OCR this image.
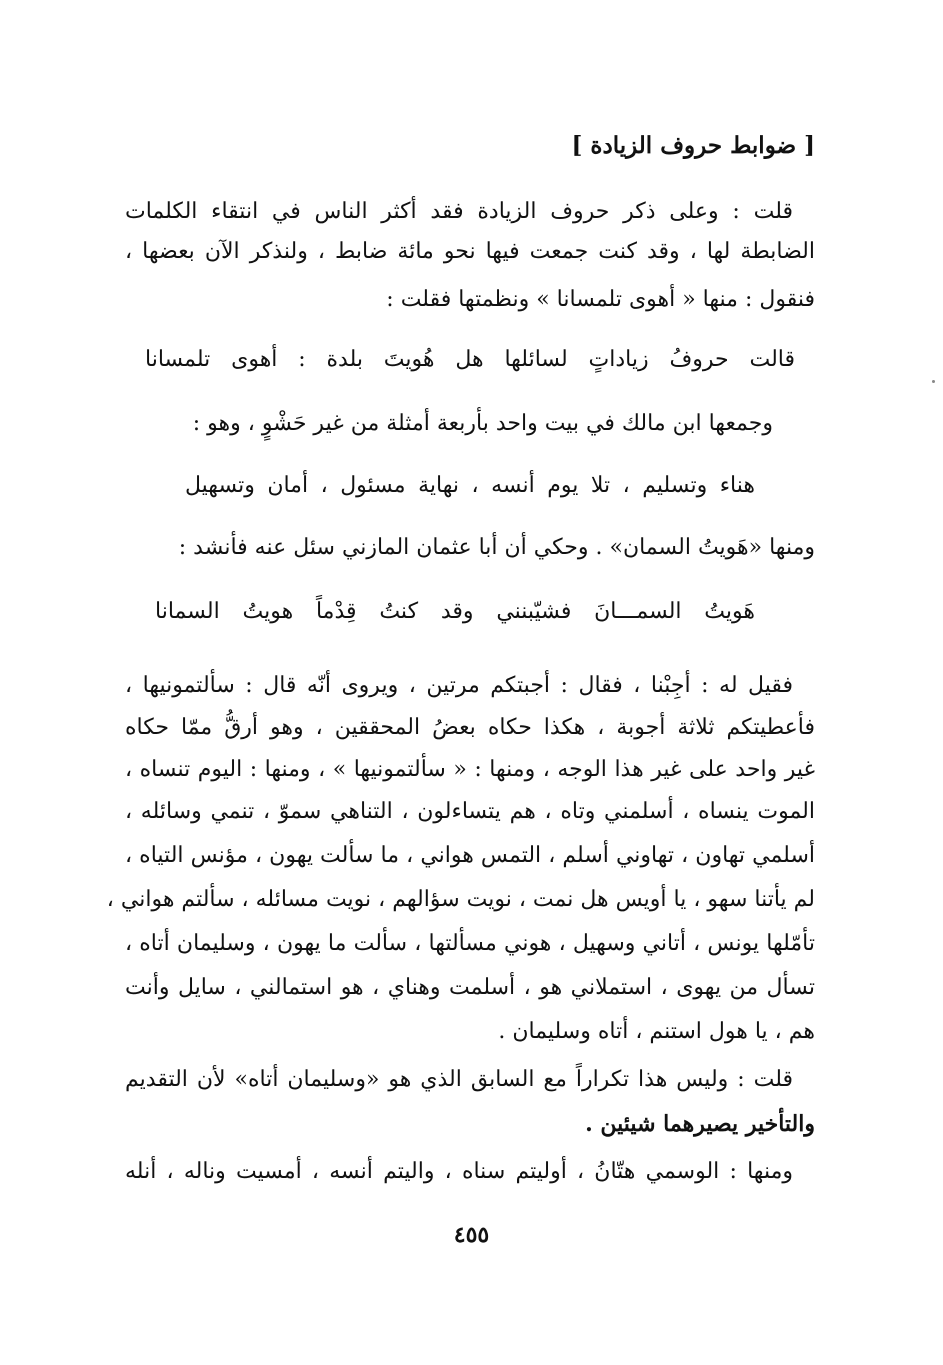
[ ضوابط حروف الزيادة ]
قلت : وعلى ذكر حروف الزيادة فقد أكثر الناس في انتقاء الكلمات
الضابطة لها ، وقد كنت جمعت فيها نحو مائة ضابط ، ولنذكر الآن بعضها ،
فنقول : منها « أهوى تلمسانا » ونظمتها فقلت :
قالت حروفُ زياداتٍ لسائلها هل هُويتَ بلدة : أهوى تلمسانا
وجمعها ابن مالك في بيت واحد بأربعة أمثلة من غير حَشْوٍ ، وهو :
هناء وتسليم ، تلا يوم أنسه ، نهاية مسئول ، أمان وتسهيل
ومنها «هَويتُ السمان» . وحكي أن أبا عثمان المازني سئل عنه فأنشد :
هَويتُ السمـــانَ فشيّبنني وقد كنتُ قِدْماً هويتُ السمانا
فقيل له : أجِبْنا ، فقال : أجبتكم مرتين ، ويروى أنّه قال : سألتمونيها ،
فأعطيتكم ثلاثة أجوبة ، هكذا حكاه بعضُ المحققين ، وهو أرقُّ ممّا حكاه
غير واحد على غير هذا الوجه ، ومنها : « سألتمونيها » ، ومنها : اليوم تنساه ،
الموت ينساه ، أسلمني وتاه ، هم يتساءلون ، التناهي سموّ ، تنمي وسائله ،
أسلمي تهاون ، تهاوني أسلم ، التمس هواني ، ما سألت يهون ، مؤنس التياه ،
لم يأتنا سهو ، يا أويس هل نمت ، نويت سؤالهم ، نويت مسائله ، سألتم هواني ،
تأمّلها يونس ، أتاني وسهيل ، هوني مسألتها ، سألت ما يهون ، وسليمان أتاه ،
تسأل من يهوى ، استملاني هو ، أسلمت وهناي ، هو استمالني ، سايل وأنت
هم ، يا هول استنم ، أتاه وسليمان .
قلت : وليس هذا تكراراً مع السابق الذي هو «وسليمان أتاه» لأن التقديم
والتأخير يصيرهما شيئين .
ومنها : الوسمي هتّانُ ، أوليتم سناه ، واليتم أنسه ، أمسيت وناله ، أنله
٤٥٥
